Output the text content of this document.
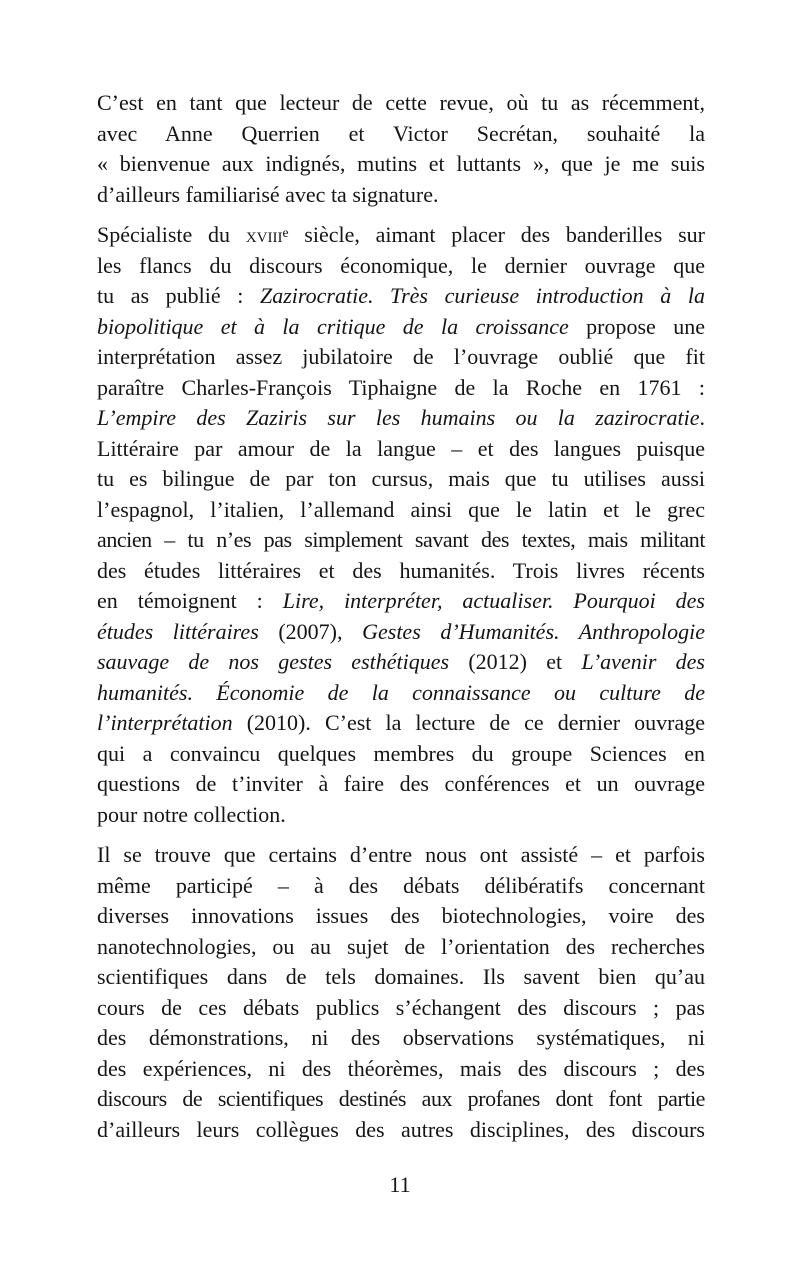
C’est en tant que lecteur de cette revue, où tu as récemment,
avec Anne Querrien et Victor Secrétan, souhaité la
« bienvenue aux indignés, mutins et luttants », que je me suis
d’ailleurs familiarisé avec ta signature.
Spécialiste du xviii$^e$ siècle, aimant placer des banderilles sur
les flancs du discours économique, le dernier ouvrage que
tu as publié : Zazirocratie. Très curieuse introduction à la
biopolitique et à la critique de la croissance propose une
interprétation assez jubilatoire de l’ouvrage oublié que fit
paraître Charles-François Tiphaigne de la Roche en 1761 :
L’empire des Zaziris sur les humains ou la zazirocratie.
Littéraire par amour de la langue – et des langues puisque
tu es bilingue de par ton cursus, mais que tu utilises aussi
l’espagnol, l’italien, l’allemand ainsi que le latin et le grec
ancien – tu n’es pas simplement savant des textes, mais militant
des études littéraires et des humanités. Trois livres récents
en témoignent : Lire, interpréter, actualiser. Pourquoi des
études littéraires (2007), Gestes d’Humanités. Anthropologie
sauvage de nos gestes esthétiques (2012) et L’avenir des
humanités. Économie de la connaissance ou culture de
l’interprétation (2010). C’est la lecture de ce dernier ouvrage
qui a convaincu quelques membres du groupe Sciences en
questions de t’inviter à faire des conférences et un ouvrage
pour notre collection.
Il se trouve que certains d’entre nous ont assisté – et parfois
même participé – à des débats délibératifs concernant
diverses innovations issues des biotechnologies, voire des
nanotechnologies, ou au sujet de l’orientation des recherches
scientifiques dans de tels domaines. Ils savent bien qu’au
cours de ces débats publics s’échangent des discours ; pas
des démonstrations, ni des observations systématiques, ni
des expériences, ni des théorèmes, mais des discours ; des
discours de scientifiques destinés aux profanes dont font partie
d’ailleurs leurs collègues des autres disciplines, des discours
11
